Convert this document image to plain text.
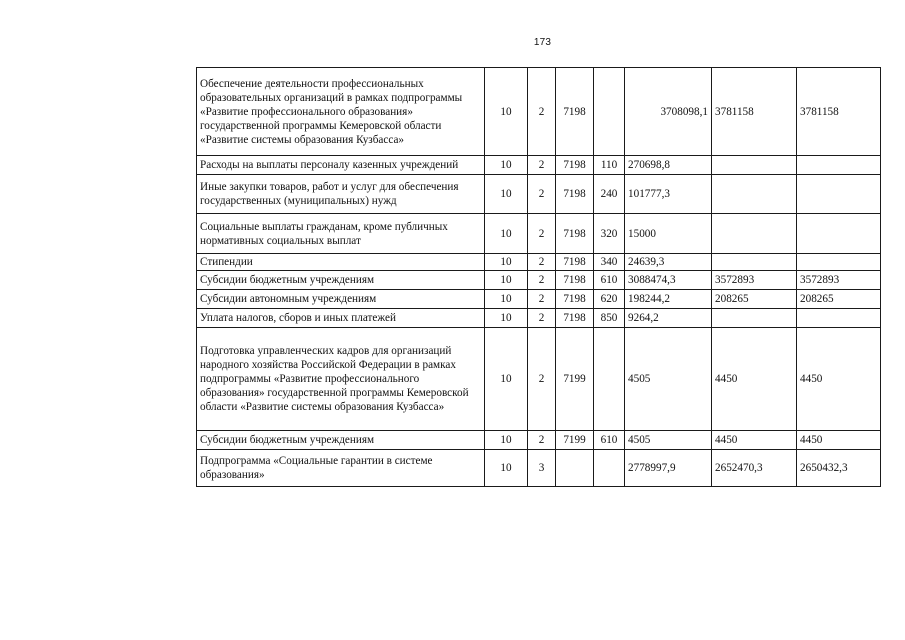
173
Обеспечение деятельности профессиональных образовательных организаций в рамках подпрограммы «Развитие профессионального образования» государственной программы Кемеровской области «Развитие системы образования Кузбасса»	10	2	7198		3708098,1	3781158	3781158
Расходы на выплаты персоналу казенных учреждений	10	2	7198	110	270698,8		
Иные закупки товаров, работ и услуг для обеспечения государственных (муниципальных) нужд	10	2	7198	240	101777,3		
Социальные выплаты гражданам, кроме публичных нормативных социальных выплат	10	2	7198	320	15000		
Стипендии	10	2	7198	340	24639,3		
Субсидии бюджетным учреждениям	10	2	7198	610	3088474,3	3572893	3572893
Субсидии автономным учреждениям	10	2	7198	620	198244,2	208265	208265
Уплата налогов, сборов и иных платежей	10	2	7198	850	9264,2		
Подготовка управленческих кадров для организаций народного хозяйства Российской Федерации в рамках подпрограммы «Развитие профессионального образования» государственной программы Кемеровской области «Развитие системы образования Кузбасса»	10	2	7199		4505	4450	4450
Субсидии бюджетным учреждениям	10	2	7199	610	4505	4450	4450
Подпрограмма «Социальные гарантии в системе образования»	10	3			2778997,9	2652470,3	2650432,3
